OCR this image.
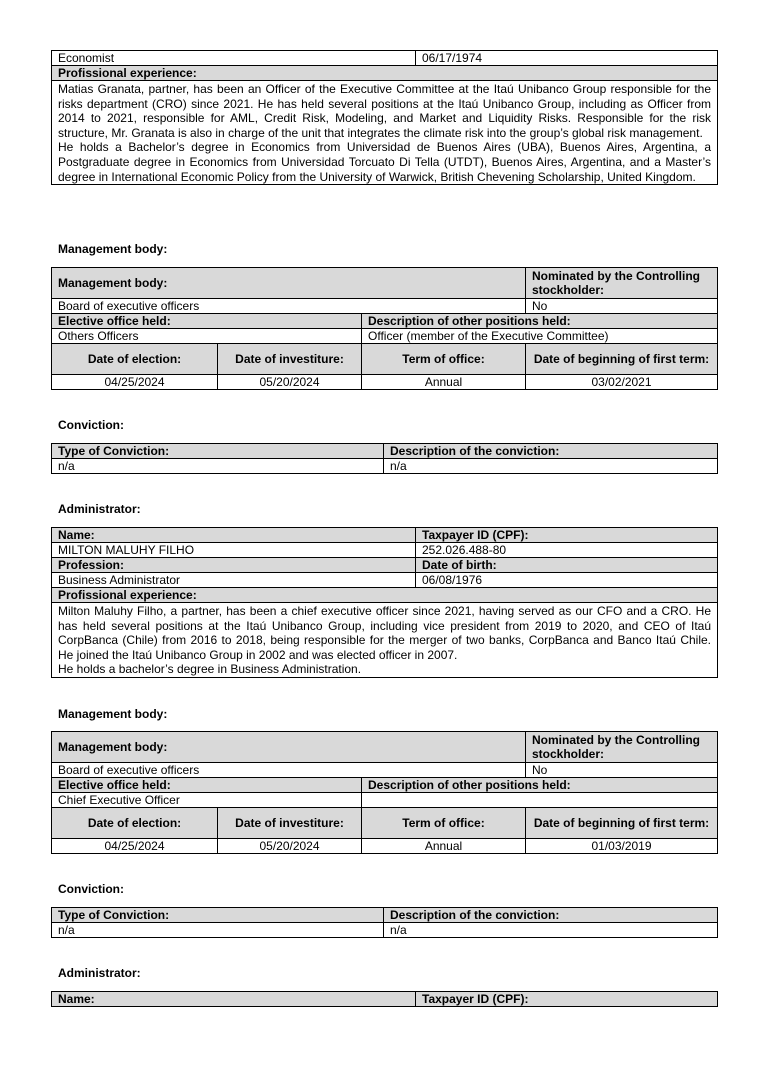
Economist	06/17/1974
Profissional experience:

Matias Granata, partner, has been an Officer of the Executive Committee at the Itaú Unibanco Group responsible for the risks department (CRO) since 2021. He has held several positions at the Itaú Unibanco Group, including as Officer from 2014 to 2021, responsible for AML, Credit Risk, Modeling, and Market and Liquidity Risks. Responsible for the risk structure, Mr. Granata is also in charge of the unit that integrates the climate risk into the group’s global risk management.

He holds a Bachelor’s degree in Economics from Universidad de Buenos Aires (UBA), Buenos Aires, Argentina, a Postgraduate degree in Economics from Universidad Torcuato Di Tella (UTDT), Buenos Aires, Argentina, and a Master’s degree in International Economic Policy from the University of Warwick, British Chevening Scholarship, United Kingdom.

Management body:
Management body:			Nominated by the Controlling stockholder:
Board of executive officers			No
Elective office held:		Description of other positions held:	
Others Officers		Officer (member of the Executive Committee)	
Date of election:	Date of investiture:	Term of office:	Date of beginning of first term:
04/25/2024	05/20/2024	Annual	03/02/2021
Conviction:
Type of Conviction:	Description of the conviction:
n/a	n/a
Administrator:
Name:	Taxpayer ID (CPF):
MILTON MALUHY FILHO	252.026.488-80
Profession:	Date of birth:
Business Administrator	06/08/1976
Profissional experience:	

Milton Maluhy Filho, a partner, has been a chief executive officer since 2021, having served as our CFO and a CRO. He has held several positions at the Itaú Unibanco Group, including vice president from 2019 to 2020, and CEO of Itaú CorpBanca (Chile) from 2016 to 2018, being responsible for the merger of two banks, CorpBanca and Banco Itaú Chile. He joined the Itaú Unibanco Group in 2002 and was elected officer in 2007.

He holds a bachelor’s degree in Business Administration.	

Management body:
Management body:			Nominated by the Controlling stockholder:
Board of executive officers			No
Elective office held:		Description of other positions held:	
Chief Executive Officer			
Date of election:	Date of investiture:	Term of office:	Date of beginning of first term:
04/25/2024	05/20/2024	Annual	01/03/2019
Conviction:
Type of Conviction:	Description of the conviction:
n/a	n/a
Administrator:
Name:	Taxpayer ID (CPF):
